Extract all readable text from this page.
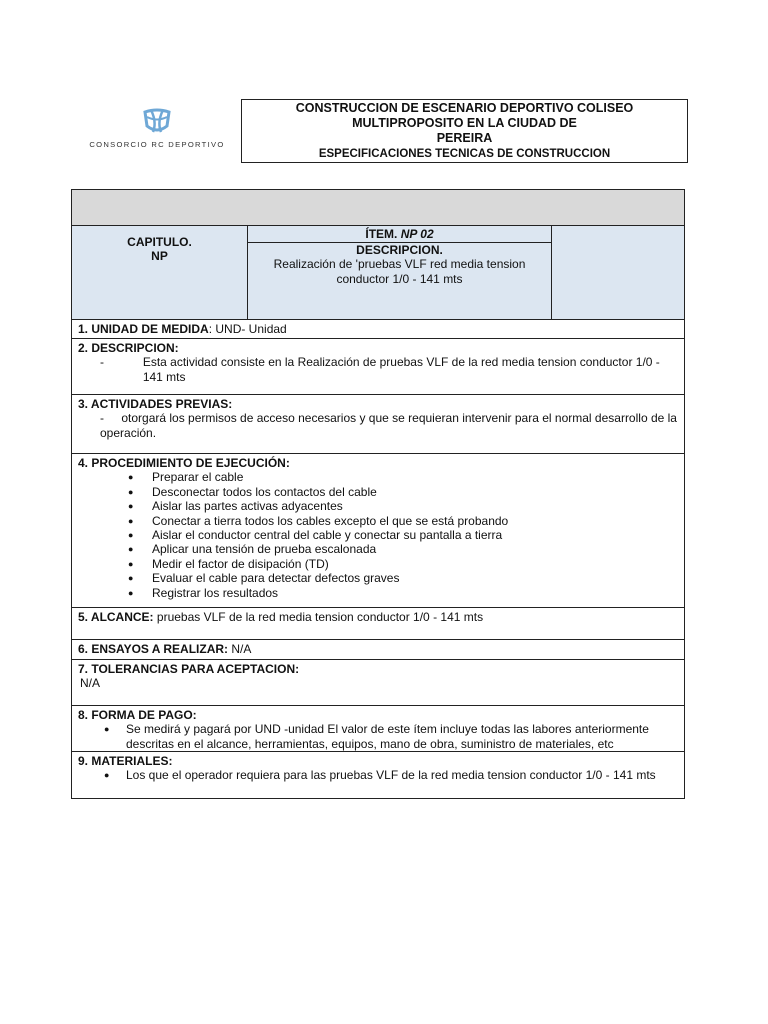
CONSORCIO RC DEPORTIVO
CONSTRUCCION DE ESCENARIO DEPORTIVO COLISEO
MULTIPROPOSITO EN LA CIUDAD DE
PEREIRA
ESPECIFICACIONES TECNICAS DE CONSTRUCCION
CAPITULO.
NP
ÍTEM. NP 02
DESCRIPCION.
Realización de 'pruebas VLF red media tension conductor 1/0 - 141 mts
1. UNIDAD DE MEDIDA: UND- Unidad
2. DESCRIPCION:
-	Esta actividad consiste en la Realización de pruebas VLF de la red media tension conductor 1/0 - 141 mts
3. ACTIVIDADES PREVIAS:
- otorgará los permisos de acceso necesarios y que se requieran intervenir para el normal desarrollo de la operación.
4. PROCEDIMIENTO DE EJECUCIÓN:
● Preparar el cable
● Desconectar todos los contactos del cable
● Aislar las partes activas adyacentes
● Conectar a tierra todos los cables excepto el que se está probando
● Aislar el conductor central del cable y conectar su pantalla a tierra
● Aplicar una tensión de prueba escalonada
● Medir el factor de disipación (TD)
● Evaluar el cable para detectar defectos graves
● Registrar los resultados
5. ALCANCE: pruebas VLF de la red media tension conductor 1/0 - 141 mts
6. ENSAYOS A REALIZAR: N/A
7. TOLERANCIAS PARA ACEPTACION:
N/A
8. FORMA DE PAGO:
● Se medirá y pagará por UND -unidad El valor de este ítem incluye todas las labores anteriormente descritas en el alcance, herramientas, equipos, mano de obra, suministro de materiales, etc
9. MATERIALES:
● Los que el operador requiera para las pruebas VLF de la red media tension conductor 1/0 - 141 mts
